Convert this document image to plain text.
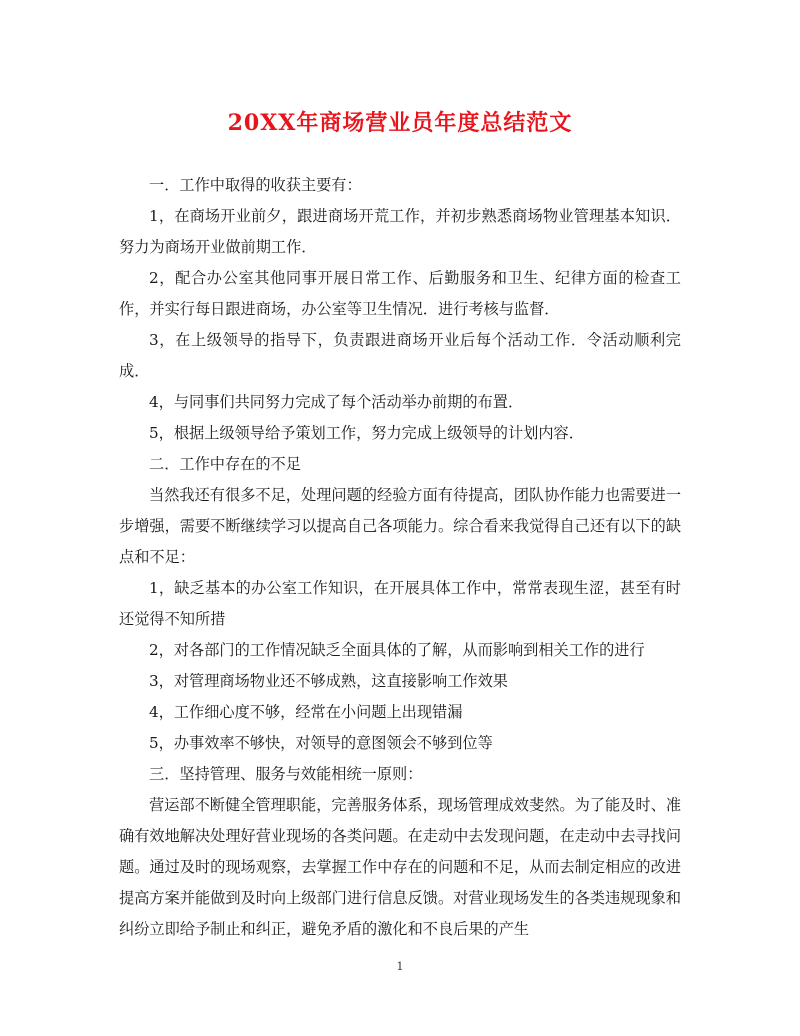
20XX年商场营业员年度总结范文

一．工作中取得的收获主要有：

1，在商场开业前夕，跟进商场开荒工作，并初步熟悉商场物业管理基本知识．努力为商场开业做前期工作．

2，配合办公室其他同事开展日常工作、后勤服务和卫生、纪律方面的检查工作，并实行每日跟进商场，办公室等卫生情况．进行考核与监督．

3，在上级领导的指导下，负责跟进商场开业后每个活动工作．令活动顺利完成．

4，与同事们共同努力完成了每个活动举办前期的布置．

5，根据上级领导给予策划工作，努力完成上级领导的计划内容．

二．工作中存在的不足

当然我还有很多不足，处理问题的经验方面有待提高，团队协作能力也需要进一步增强，需要不断继续学习以提高自己各项能力。综合看来我觉得自己还有以下的缺点和不足：

1，缺乏基本的办公室工作知识，在开展具体工作中，常常表现生涩，甚至有时还觉得不知所措

2，对各部门的工作情况缺乏全面具体的了解，从而影响到相关工作的进行

3，对管理商场物业还不够成熟，这直接影响工作效果

4，工作细心度不够，经常在小问题上出现错漏

5，办事效率不够快，对领导的意图领会不够到位等

三．坚持管理、服务与效能相统一原则：

营运部不断健全管理职能，完善服务体系，现场管理成效斐然。为了能及时、准确有效地解决处理好营业现场的各类问题。在走动中去发现问题，在走动中去寻找问题。通过及时的现场观察，去掌握工作中存在的问题和不足，从而去制定相应的改进提高方案并能做到及时向上级部门进行信息反馈。对营业现场发生的各类违规现象和纠纷立即给予制止和纠正，避免矛盾的激化和不良后果的产生

1
